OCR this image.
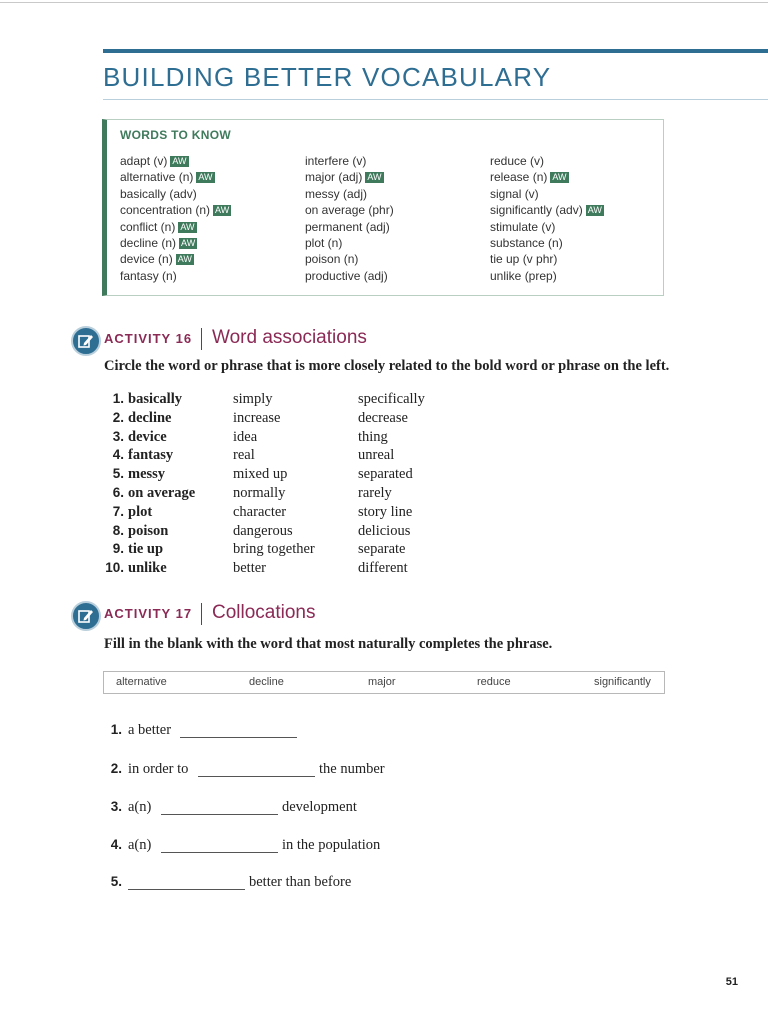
BUILDING BETTER VOCABULARY
WORDS TO KNOW
adapt (v) AW
alternative (n) AW
basically (adv)
concentration (n) AW
conflict (n) AW
decline (n) AW
device (n) AW
fantasy (n)
interfere (v)
major (adj) AW
messy (adj)
on average (phr)
permanent (adj)
plot (n)
poison (n)
productive (adj)
reduce (v)
release (n) AW
signal (v)
significantly (adv) AW
stimulate (v)
substance (n)
tie up (v phr)
unlike (prep)
ACTIVITY 16 Word associations
Circle the word or phrase that is more closely related to the bold word or phrase on the left.
1. basically	simply	specifically
2. decline	increase	decrease
3. device	idea	thing
4. fantasy	real	unreal
5. messy	mixed up	separated
6. on average	normally	rarely
7. plot	character	story line
8. poison	dangerous	delicious
9. tie up	bring together	separate
10. unlike	better	different
ACTIVITY 17 Collocations
Fill in the blank with the word that most naturally completes the phrase.
alternative	decline	major	reduce	significantly
1. a better
2. in order to	the number
3. a(n)	development
4. a(n)	in the population
5.	better than before
51
